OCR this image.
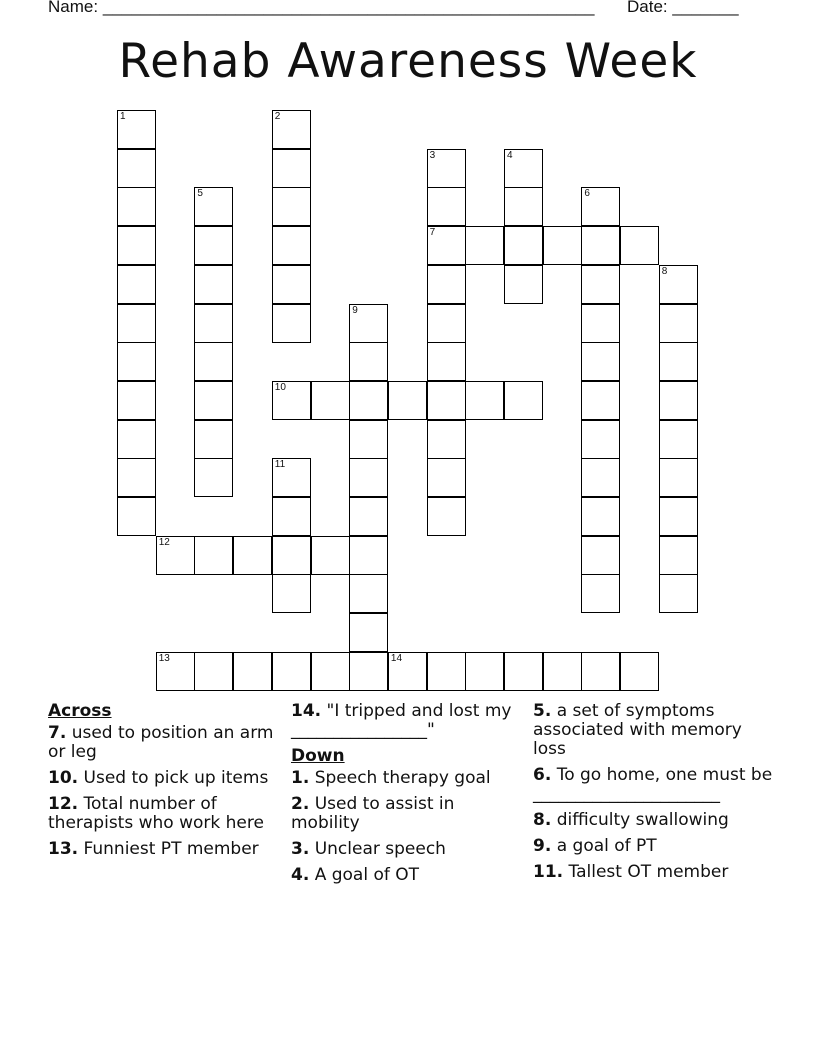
Name: ____________________________________________________ Date: _______
Rehab Awareness Week
1	2
3
7
4
5	6
8
9
10
11
12
13	14
Across
7. used to position an arm or leg
10. Used to pick up items
12. Total number of therapists who work here
13. Funniest PT member
14. "I tripped and lost my ________________"
Down
1. Speech therapy goal
2. Used to assist in mobility
3. Unclear speech
4. A goal of OT
5. a set of symptoms associated with memory loss
6. To go home, one must be ______________________
8. difficulty swallowing
9. a goal of PT
11. Tallest OT member
